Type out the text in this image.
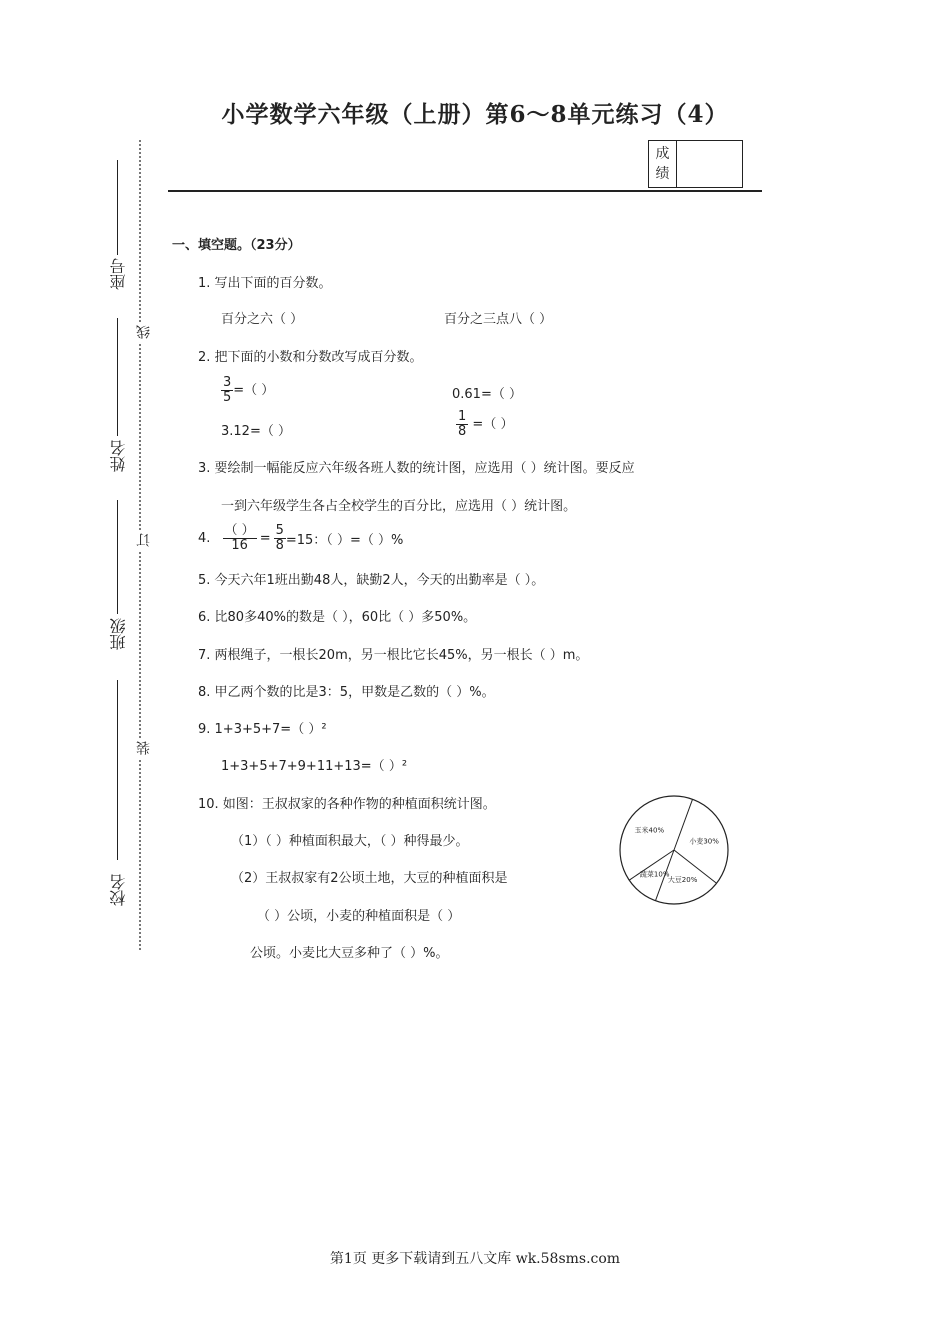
小学数学六年级（上册）第6～8单元练习（4）
成
绩
座号
姓名
班级
校名
线
订
装
一、填空题。（23分）
1. 写出下面的百分数。
百分之六（ ）	百分之三点八（ ）
2. 把下面的小数和分数改写成百分数。
$\frac{3}{5}$ =（ ）	0.61=（ ）
3.12=（ ）	$\frac{1}{8}$ =（ ）
3. 要绘制一幅能反应六年级各班人数的统计图，应选用（ ）统计图。要反应
一到六年级学生各占全校学生的百分比，应选用（ ）统计图。
4. $\frac{( )}{16} = \frac{5}{8} =15$：（ ）=（ ）%
5. 今天六年1班出勤48人，缺勤2人，今天的出勤率是（ ）。
6. 比80多40%的数是（ ），60比（ ）多50%。
7. 两根绳子，一根长20m，另一根比它长45%，另一根长（ ）m。
8. 甲乙两个数的比是3：5，甲数是乙数的（ ）%。
9. 1+3+5+7=（ ）²
1+3+5+7+9+11+13=（ ）²
10. 如图：王叔叔家的各种作物的种植面积统计图。
（1）（ ）种植面积最大，（ ）种得最少。
（2）王叔叔家有2公顷土地，大豆的种植面积是
（ ）公顷，小麦的种植面积是（ ）
公顷。小麦比大豆多种了（ ）%。
玉米40%
小麦30%
大豆20%
蔬菜10%
第1页 更多下载请到五八文库 wk.58sms.com
